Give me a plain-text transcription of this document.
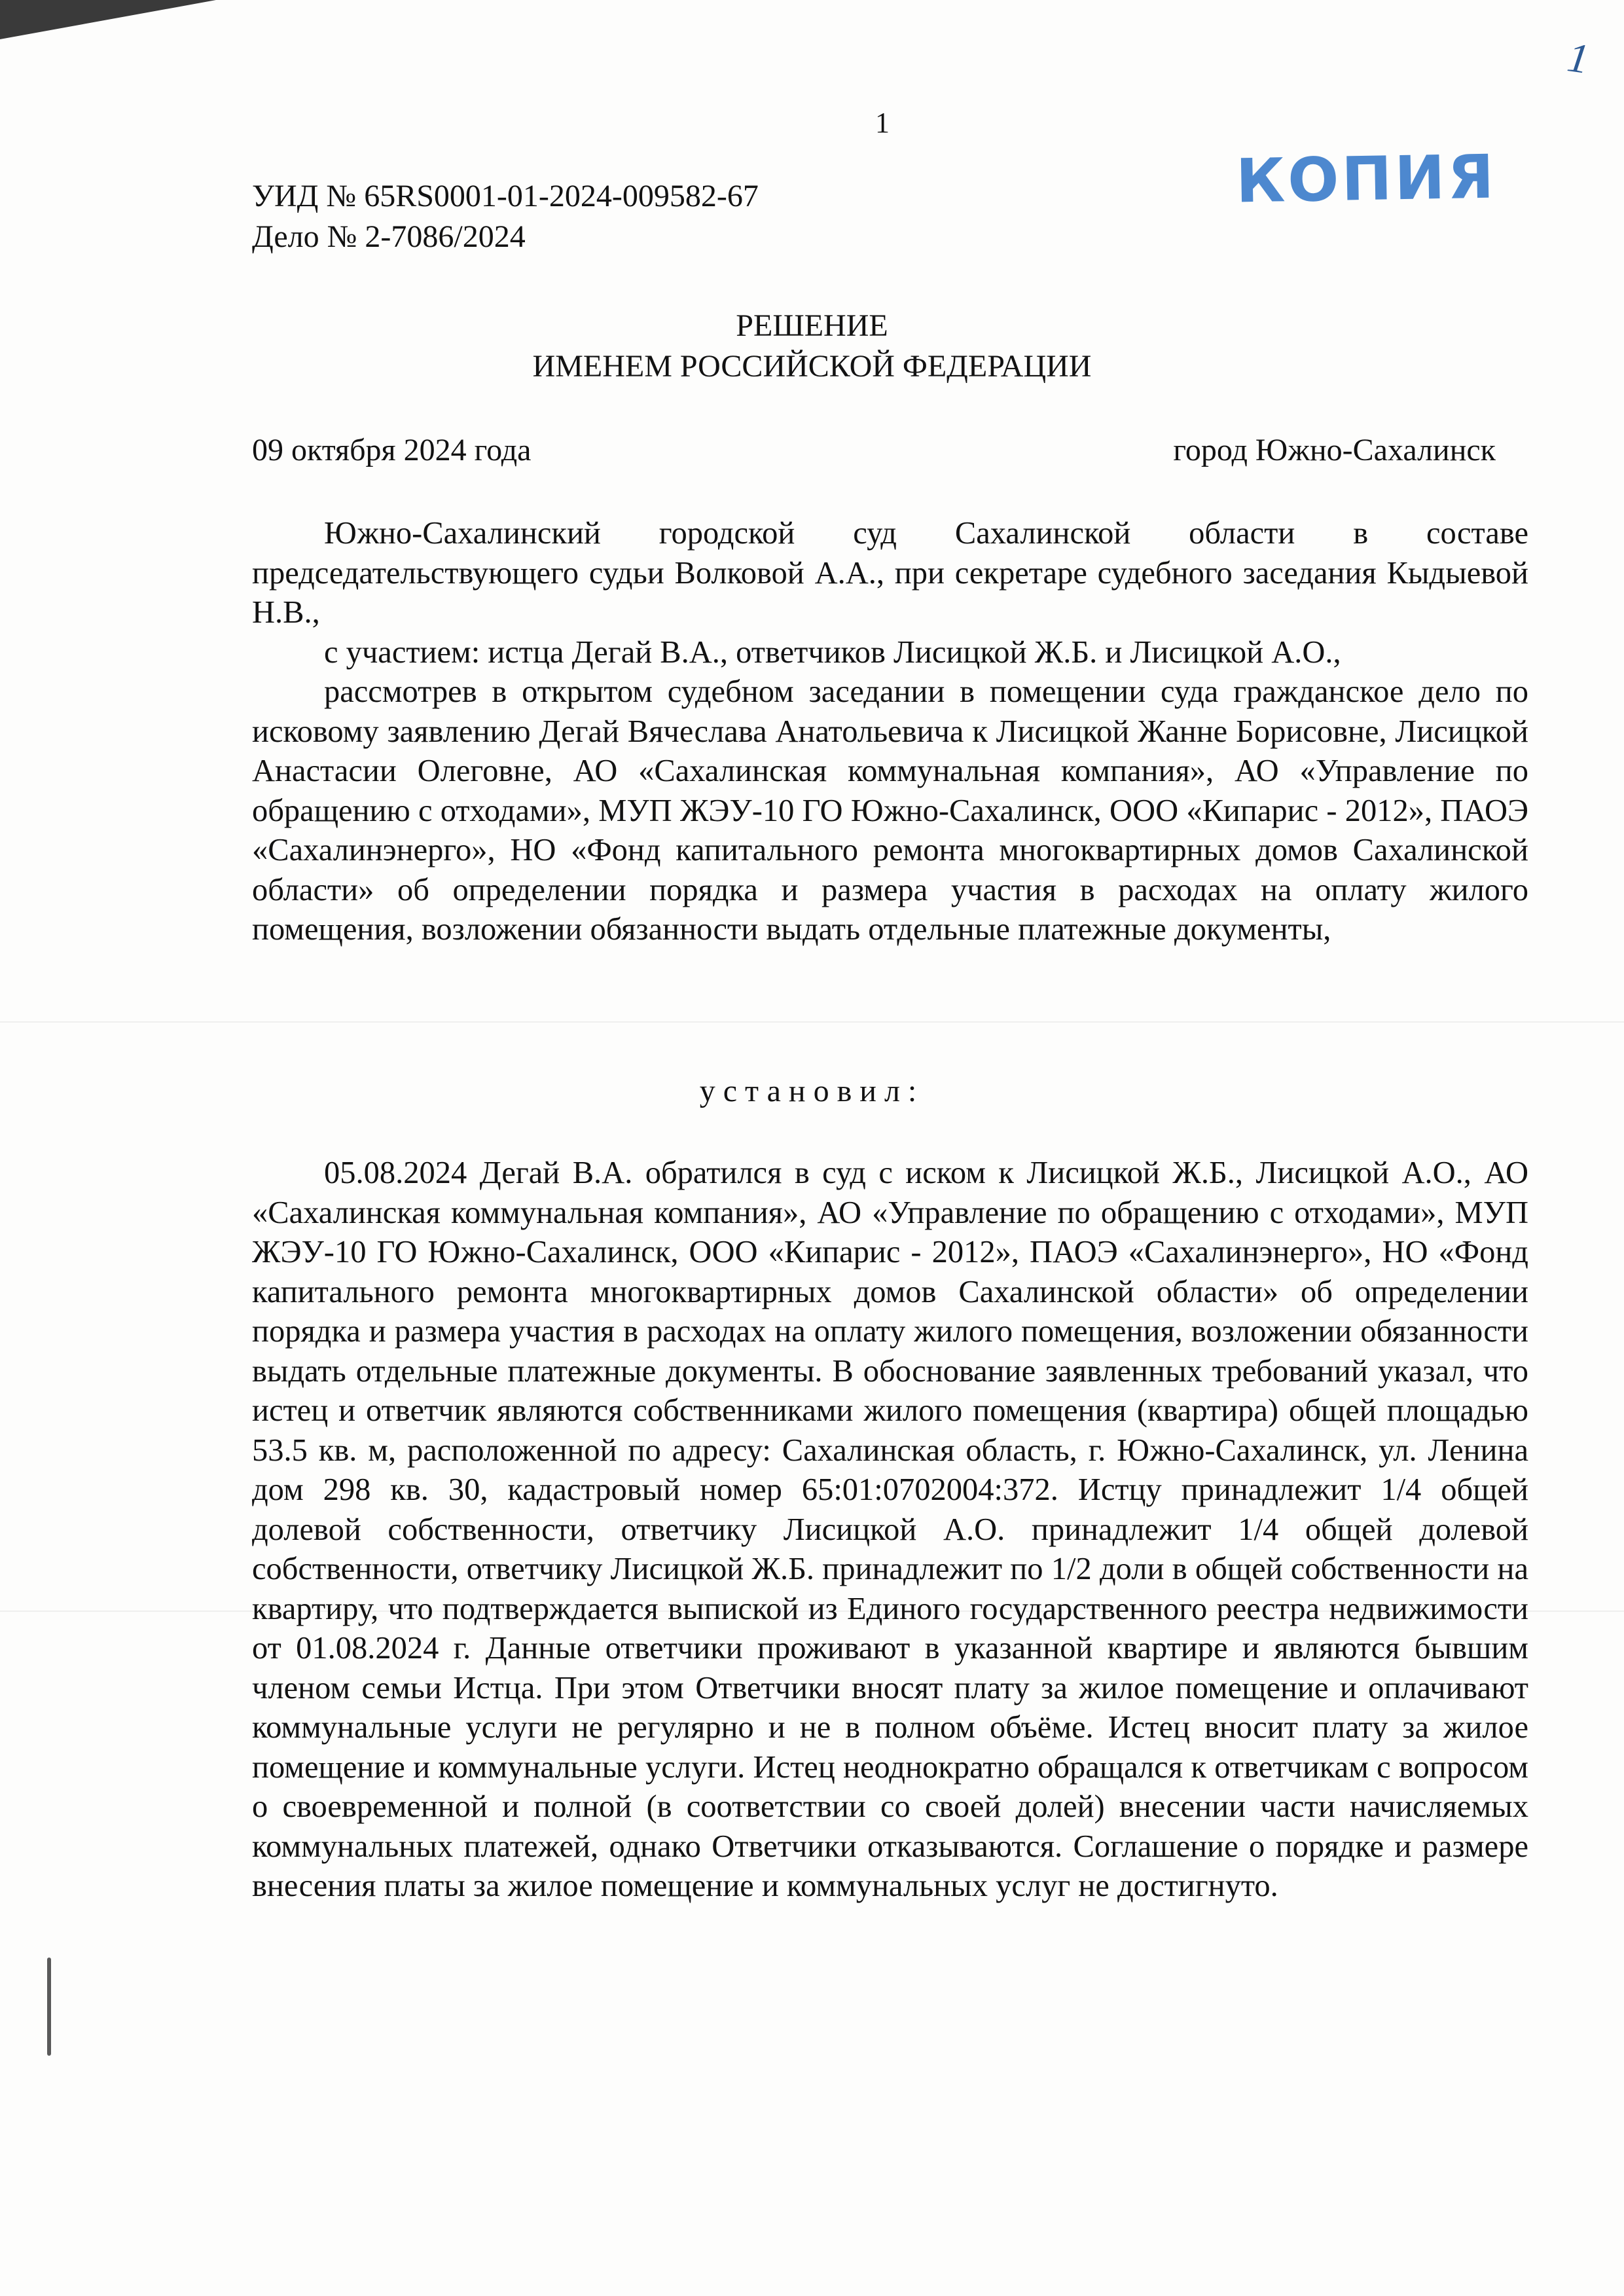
1
1
КОПИЯ
УИД № 65RS0001-01-2024-009582-67
Дело № 2-7086/2024
РЕШЕНИЕ
ИМЕНЕМ РОССИЙСКОЙ ФЕДЕРАЦИИ
09 октября 2024 года	город Южно-Сахалинск

Южно-Сахалинский городской суд Сахалинской области в составе председательствующего судьи Волковой А.А., при секретаре судебного заседания Кыдыевой Н.В.,

с участием: истца Дегай В.А., ответчиков Лисицкой Ж.Б. и Лисицкой А.О.,

рассмотрев в открытом судебном заседании в помещении суда гражданское дело по исковому заявлению Дегай Вячеслава Анатольевича к Лисицкой Жанне Борисовне, Лисицкой Анастасии Олеговне, АО «Сахалинская коммунальная компания», АО «Управление по обращению с отходами», МУП ЖЭУ-10 ГО Южно-Сахалинск, ООО «Кипарис - 2012», ПАОЭ «Сахалинэнерго», НО «Фонд капитального ремонта многоквартирных домов Сахалинской области» об определении порядка и размера участия в расходах на оплату жилого помещения, возложении обязанности выдать отдельные платежные документы,

установил:

05.08.2024 Дегай В.А. обратился в суд с иском к Лисицкой Ж.Б., Лисицкой А.О., АО «Сахалинская коммунальная компания», АО «Управление по обращению с отходами», МУП ЖЭУ-10 ГО Южно-Сахалинск, ООО «Кипарис - 2012», ПАОЭ «Сахалинэнерго», НО «Фонд капитального ремонта многоквартирных домов Сахалинской области» об определении порядка и размера участия в расходах на оплату жилого помещения, возложении обязанности выдать отдельные платежные документы. В обоснование заявленных требований указал, что истец и ответчик являются собственниками жилого помещения (квартира) общей площадью 53.5 кв. м, расположенной по адресу: Сахалинская область, г. Южно-Сахалинск, ул. Ленина дом 298 кв. 30, кадастровый номер 65:01:0702004:372. Истцу принадлежит 1/4 общей долевой собственности, ответчику Лисицкой А.О. принадлежит 1/4 общей долевой собственности, ответчику Лисицкой Ж.Б. принадлежит по 1/2 доли в общей собственности на квартиру, что подтверждается выпиской из Единого государственного реестра недвижимости от 01.08.2024 г. Данные ответчики проживают в указанной квартире и являются бывшим членом семьи Истца. При этом Ответчики вносят плату за жилое помещение и оплачивают коммунальные услуги не регулярно и не в полном объёме. Истец вносит плату за жилое помещение и коммунальные услуги. Истец неоднократно обращался к ответчикам с вопросом о своевременной и полной (в соответствии со своей долей) внесении части начисляемых коммунальных платежей, однако Ответчики отказываются. Соглашение о порядке и размере внесения платы за жилое помещение и коммунальных услуг не достигнуто.
